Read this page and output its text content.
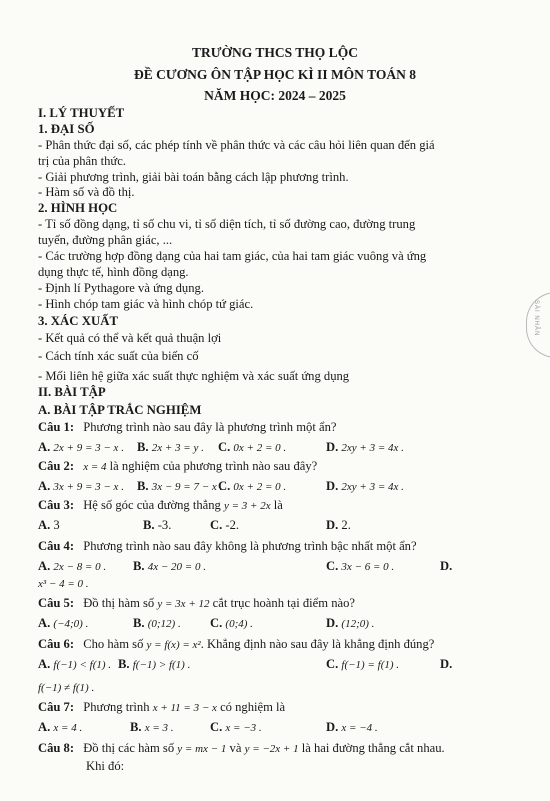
TRƯỜNG THCS THỌ LỘC
ĐỀ CƯƠNG ÔN TẬP HỌC KÌ II MÔN TOÁN 8
NĂM HỌC: 2024 – 2025
I. LÝ THUYẾT
1. ĐẠI SỐ
- Phân thức đại số, các phép tính về phân thức và các câu hỏi liên quan đến giá
trị của phân thức.
- Giải phương trình, giải bài toán bằng cách lập phương trình.
- Hàm số và đồ thị.
2. HÌNH HỌC
- Tỉ số đồng dạng, tỉ số chu vi, tỉ số diện tích, tỉ số đường cao, đường trung
tuyến, đường phân giác, ...
- Các trường hợp đồng dạng của hai tam giác, của hai tam giác vuông và ứng
dụng thực tế, hình đồng dạng.
- Định lí Pythagore và ứng dụng.
- Hình chóp tam giác và hình chóp tứ giác.
3. XÁC XUẤT
- Kết quả có thể và kết quả thuận lợi
- Cách tính xác suất của biến cố
- Mối liên hệ giữa xác suất thực nghiệm và xác suất ứng dụng
II. BÀI TẬP
A. BÀI TẬP TRẮC NGHIỆM
Câu 1: Phương trình nào sau đây là phương trình một ẩn?
A. 2x + 9 = 3 − x . B. 2x + 3 = y . C. 0x + 2 = 0 .	D. 2xy + 3 = 4x .
Câu 2: x = 4 là nghiệm của phương trình nào sau đây?
A. 3x + 9 = 3 − x . B. 3x − 9 = 7 − x .
C. 0x + 2 = 0 .	D. 2xy + 3 = 4x .
Câu 3: Hệ số góc của đường thẳng y = 3 + 2x là
A. 3	B. -3.	C. -2.	D. 2.
Câu 4: Phương trình nào sau đây không là phương trình bậc nhất một ẩn?
A. 2x − 8 = 0 . B. 4x − 20 = 0 .	C. 3x − 6 = 0 .	D.
x³ − 4 = 0 .
Câu 5: Đồ thị hàm số y = 3x + 12 cắt trục hoành tại điểm nào?
A. (−4;0) .	B. (0;12) . C. (0;4) .	D. (12;0) .
Câu 6: Cho hàm số y = f(x) = x². Khẳng định nào sau đây là khẳng định đúng?
A. f(−1) < f(1) . B. f(−1) > f(1) .	C. f(−1) = f(1) .	D.
f(−1) ≠ f(1) .
Câu 7: Phương trình x + 11 = 3 − x có nghiệm là
A. x = 4 .	B. x = 3 .	C. x = −3 .	D. x = −4 .
Câu 8: Đồ thị các hàm số y = mx − 1 và y = −2x + 1 là hai đường thẳng cắt nhau.
Khi đó:
SÀI NHÂN
